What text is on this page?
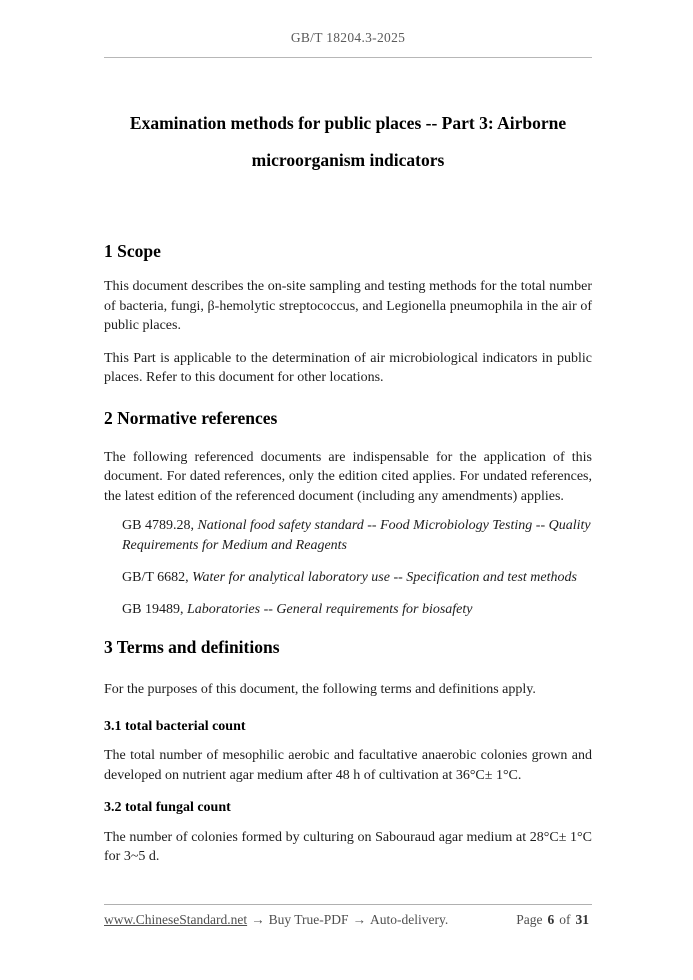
GB/T 18204.3-2025
Examination methods for public places -- Part 3: Airborne
microorganism indicators
1 Scope

This document describes the on-site sampling and testing methods for the total number of bacteria, fungi, β-hemolytic streptococcus, and Legionella pneumophila in the air of public places.

This Part is applicable to the determination of air microbiological indicators in public places. Refer to this document for other locations.

2 Normative references

The following referenced documents are indispensable for the application of this document. For dated references, only the edition cited applies. For undated references, the latest edition of the referenced document (including any amendments) applies.

GB 4789.28, National food safety standard -- Food Microbiology Testing -- Quality Requirements for Medium and Reagents
GB/T 6682, Water for analytical laboratory use -- Specification and test methods
GB 19489, Laboratories -- General requirements for biosafety
3 Terms and definitions

For the purposes of this document, the following terms and definitions apply.

3.1 total bacterial count

The total number of mesophilic aerobic and facultative anaerobic colonies grown and developed on nutrient agar medium after 48 h of cultivation at 36°C± 1°C.

3.2 total fungal count

The number of colonies formed by culturing on Sabouraud agar medium at 28°C± 1°C for 3~5 d.

www.ChineseStandard.net → Buy True-PDF → Auto-delivery.	Page 6 of 31
